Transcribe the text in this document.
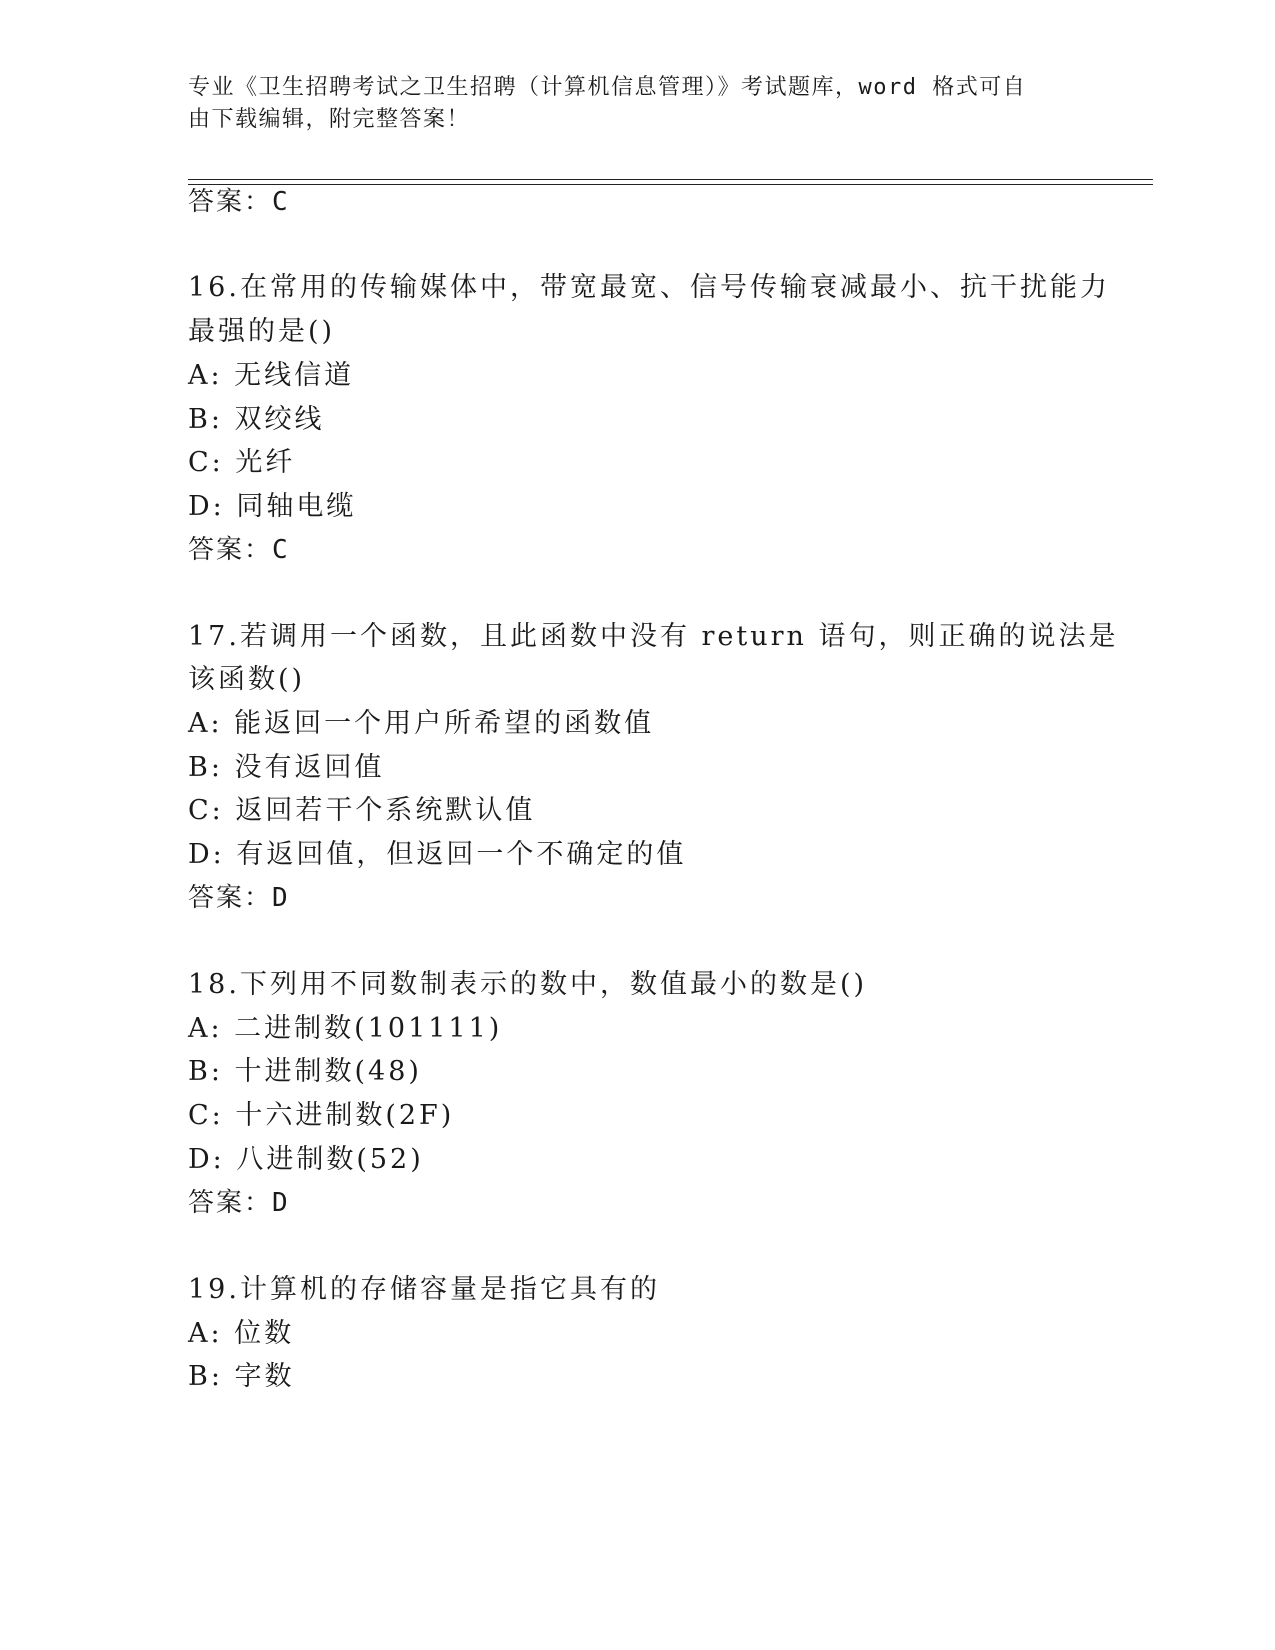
专业《卫生招聘考试之卫生招聘（计算机信息管理）》考试题库，word 格式可自
由下载编辑，附完整答案！
答案：C
16.在常用的传输媒体中，带宽最宽、信号传输衰减最小、抗干扰能力
最强的是()
A: 无线信道
B: 双绞线
C: 光纤
D: 同轴电缆
答案：C
17.若调用一个函数，且此函数中没有 return 语句，则正确的说法是
该函数()
A: 能返回一个用户所希望的函数值
B: 没有返回值
C: 返回若干个系统默认值
D: 有返回值，但返回一个不确定的值
答案：D
18.下列用不同数制表示的数中，数值最小的数是()
A: 二进制数(101111)
B: 十进制数(48)
C: 十六进制数(2F)
D: 八进制数(52)
答案：D
19.计算机的存储容量是指它具有的
A: 位数
B: 字数
